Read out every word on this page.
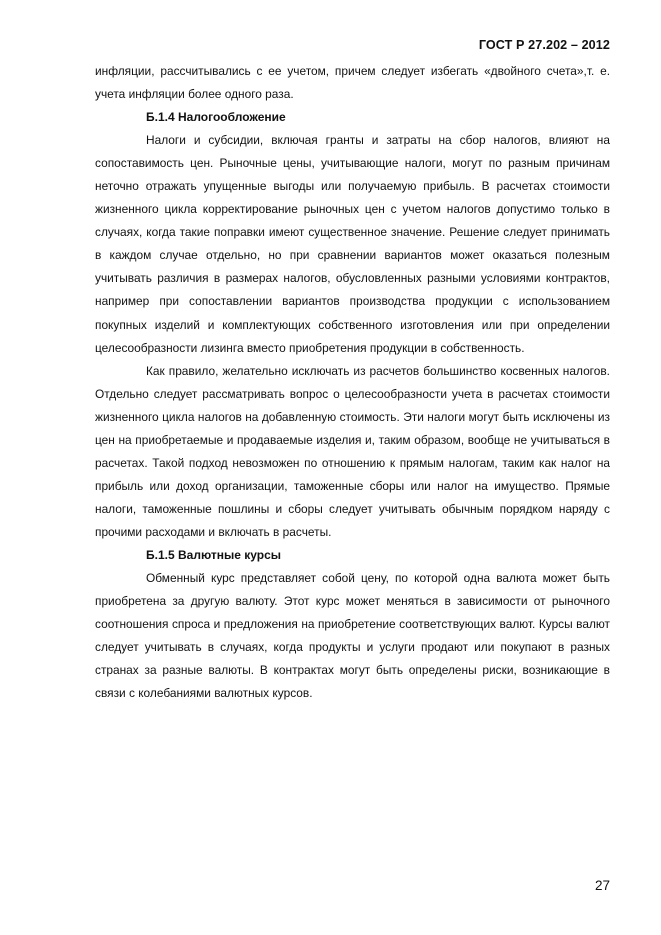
ГОСТ Р 27.202 – 2012

инфляции, рассчитывались с ее учетом, причем следует избегать «двойного счета»,т. е. учета инфляции более одного раза.

Б.1.4 Налогообложение

Налоги и субсидии, включая гранты и затраты на сбор налогов, влияют на сопоставимость цен. Рыночные цены, учитывающие налоги, могут по разным причинам неточно отражать упущенные выгоды или получаемую прибыль. В расчетах стоимости жизненного цикла корректирование рыночных цен с учетом налогов допустимо только в случаях, когда такие поправки имеют существенное значение. Решение следует принимать в каждом случае отдельно, но при сравнении вариантов может оказаться полезным учитывать различия в размерах налогов, обусловленных разными условиями контрактов, например при сопоставлении вариантов производства продукции с использованием покупных изделий и комплектующих собственного изготовления или при определении целесообразности лизинга вместо приобретения продукции в собственность.

Как правило, желательно исключать из расчетов большинство косвенных налогов. Отдельно следует рассматривать вопрос о целесообразности учета в расчетах стоимости жизненного цикла налогов на добавленную стоимость. Эти налоги могут быть исключены из цен на приобретаемые и продаваемые изделия и, таким образом, вообще не учитываться в расчетах. Такой подход невозможен по отношению к прямым налогам, таким как налог на прибыль или доход организации, таможенные сборы или налог на имущество. Прямые налоги, таможенные пошлины и сборы следует учитывать обычным порядком наряду с прочими расходами и включать в расчеты.

Б.1.5 Валютные курсы

Обменный курс представляет собой цену, по которой одна валюта может быть приобретена за другую валюту. Этот курс может меняться в зависимости от рыночного соотношения спроса и предложения на приобретение соответствующих валют. Курсы валют следует учитывать в случаях, когда продукты и услуги продают или покупают в разных странах за разные валюты. В контрактах могут быть определены риски, возникающие в связи с колебаниями валютных курсов.

27
